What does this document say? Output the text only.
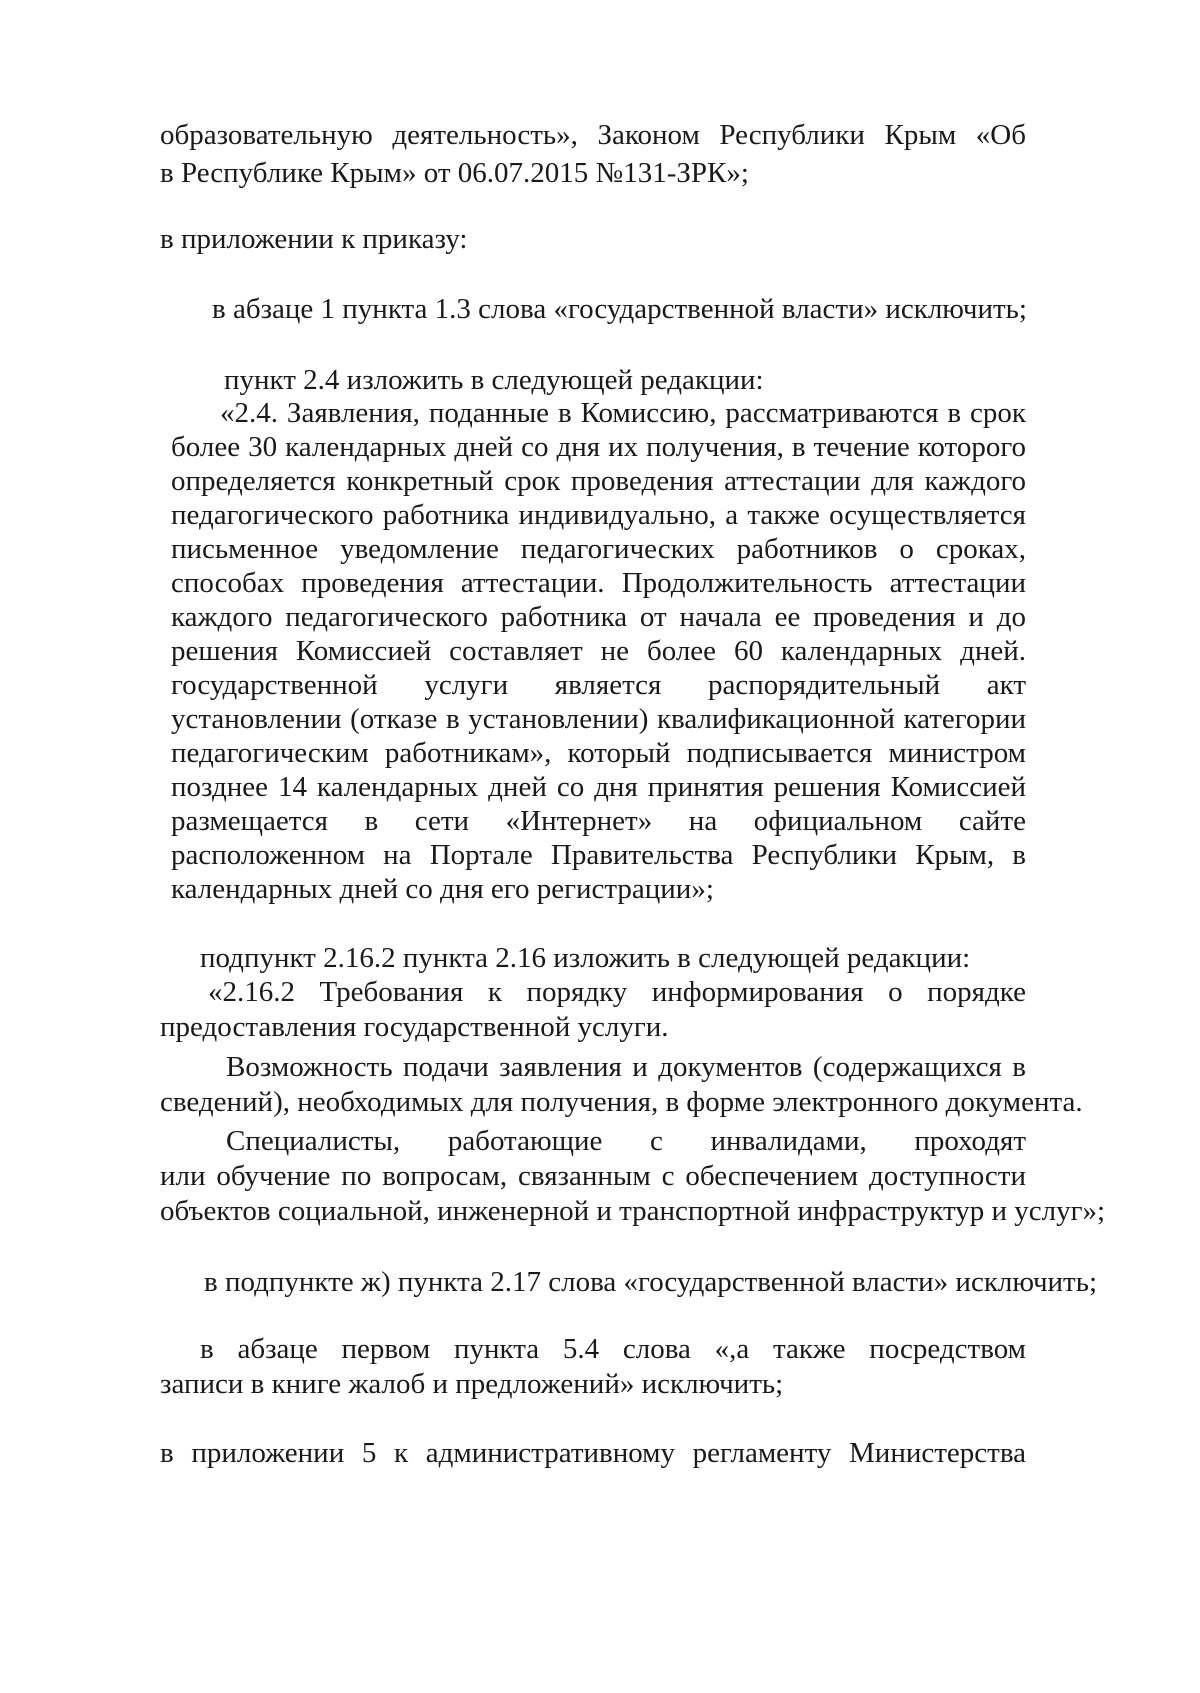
образовательную деятельность», Законом Республики Крым «Об
в Республике Крым» от 06.07.2015 №131-ЗРК»;
в приложении к приказу:
в абзаце 1 пункта 1.3 слова «государственной власти» исключить;
пункт 2.4 изложить в следующей редакции:
«2.4. Заявления, поданные в Комиссию, рассматриваются в срок
более 30 календарных дней со дня их получения, в течение которого
определяется конкретный срок проведения аттестации для каждого
педагогического работника индивидуально, а также осуществляется
письменное уведомление педагогических работников о сроках,
способах проведения аттестации. Продолжительность аттестации
каждого педагогического работника от начала ее проведения и до
решения Комиссией составляет не более 60 календарных дней.
государственной услуги является распорядительный акт
установлении (отказе в установлении) квалификационной категории
педагогическим работникам», который подписывается министром
позднее 14 календарных дней со дня принятия решения Комиссией
размещается в сети «Интернет» на официальном сайте
расположенном на Портале Правительства Республики Крым, в
календарных дней со дня его регистрации»;
подпункт 2.16.2 пункта 2.16 изложить в следующей редакции:
«2.16.2 Требования к порядку информирования о порядке
предоставления государственной услуги.
Возможность подачи заявления и документов (содержащихся в
сведений), необходимых для получения, в форме электронного документа.
Специалисты, работающие с инвалидами, проходят
или обучение по вопросам, связанным с обеспечением доступности
объектов социальной, инженерной и транспортной инфраструктур и услуг»;
в подпункте ж) пункта 2.17 слова «государственной власти» исключить;
в абзаце первом пункта 5.4 слова «,а также посредством
записи в книге жалоб и предложений» исключить;
в приложении 5 к административному регламенту Министерства
